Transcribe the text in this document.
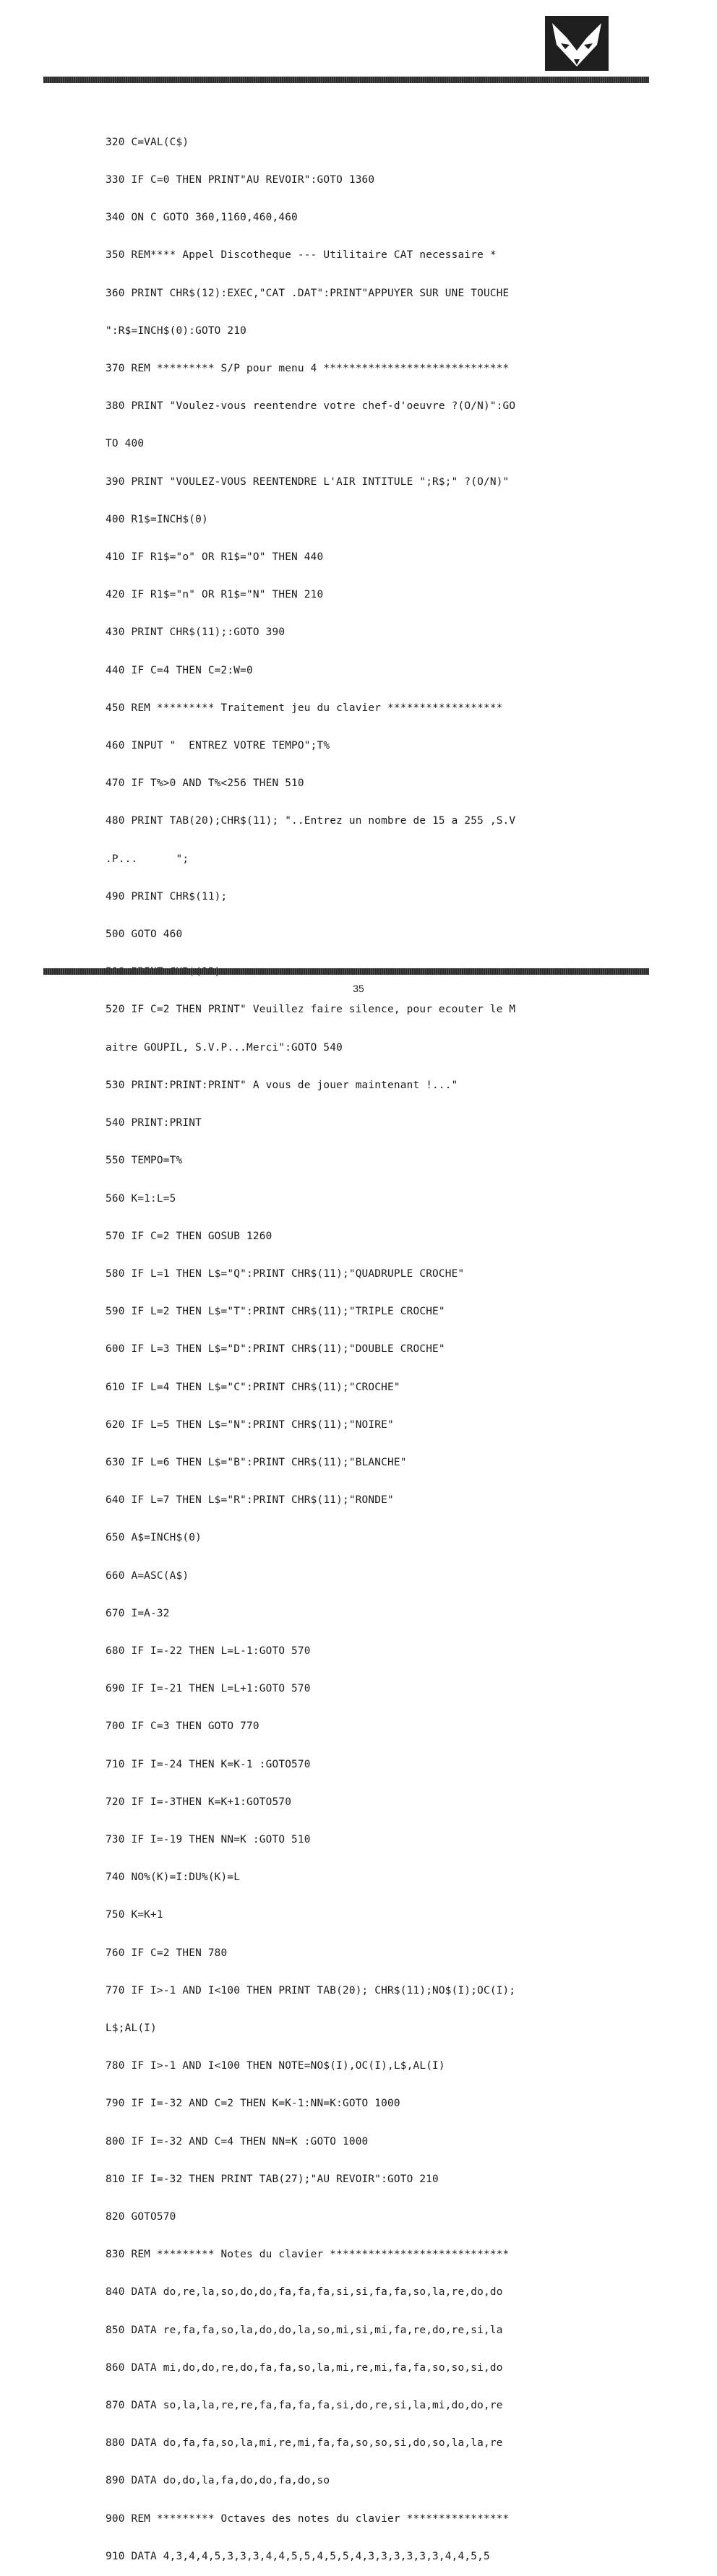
320 C=VAL(C$)

330 IF C=0 THEN PRINT"AU REVOIR":GOTO 1360

340 ON C GOTO 360,1160,460,460

350 REM**** Appel Discotheque --- Utilitaire CAT necessaire *

360 PRINT CHR$(12):EXEC,"CAT .DAT":PRINT"APPUYER SUR UNE TOUCHE

":R$=INCH$(0):GOTO 210

370 REM ********* S/P pour menu 4 *****************************

380 PRINT "Voulez-vous reentendre votre chef-d'oeuvre ?(O/N)":GO

TO 400

390 PRINT "VOULEZ-VOUS REENTENDRE L'AIR INTITULE ";R$;" ?(O/N)"

400 R1$=INCH$(0)

410 IF R1$="o" OR R1$="O" THEN 440

420 IF R1$="n" OR R1$="N" THEN 210

430 PRINT CHR$(11);:GOTO 390

440 IF C=4 THEN C=2:W=0

450 REM ********* Traitement jeu du clavier ******************

460 INPUT "  ENTREZ VOTRE TEMPO";T%

470 IF T%>0 AND T%<256 THEN 510

480 PRINT TAB(20);CHR$(11); "..Entrez un nombre de 15 a 255 ,S.V

.P...      ";

490 PRINT CHR$(11);

500 GOTO 460

520 IF C=2 THEN PRINT" Veuillez faire silence, pour ecouter le M

aitre GOUPIL, S.V.P...Merci":GOTO 540

530 PRINT:PRINT:PRINT" A vous de jouer maintenant !..."

540 PRINT:PRINT

550 TEMPO=T%

560 K=1:L=5

570 IF C=2 THEN GOSUB 1260

580 IF L=1 THEN L$="Q":PRINT CHR$(11);"QUADRUPLE CROCHE"

590 IF L=2 THEN L$="T":PRINT CHR$(11);"TRIPLE CROCHE"

600 IF L=3 THEN L$="D":PRINT CHR$(11);"DOUBLE CROCHE"

610 IF L=4 THEN L$="C":PRINT CHR$(11);"CROCHE"

620 IF L=5 THEN L$="N":PRINT CHR$(11);"NOIRE"

630 IF L=6 THEN L$="B":PRINT CHR$(11);"BLANCHE"

640 IF L=7 THEN L$="R":PRINT CHR$(11);"RONDE"

650 A$=INCH$(0)

660 A=ASC(A$)

670 I=A-32

680 IF I=-22 THEN L=L-1:GOTO 570

690 IF I=-21 THEN L=L+1:GOTO 570

700 IF C=3 THEN GOTO 770

710 IF I=-24 THEN K=K-1 :GOTO570

720 IF I=-3THEN K=K+1:GOTO570

730 IF I=-19 THEN NN=K :GOTO 510

740 NO%(K)=I:DU%(K)=L

750 K=K+1

760 IF C=2 THEN 780

770 IF I>-1 AND I<100 THEN PRINT TAB(20); CHR$(11);NO$(I);OC(I);

L$;AL(I)

780 IF I>-1 AND I<100 THEN NOTE=NO$(I),OC(I),L$,AL(I)

790 IF I=-32 AND C=2 THEN K=K-1:NN=K:GOTO 1000

800 IF I=-32 AND C=4 THEN NN=K :GOTO 1000

810 IF I=-32 THEN PRINT TAB(27);"AU REVOIR":GOTO 210

820 GOTO570

830 REM ********* Notes du clavier ****************************

840 DATA do,re,la,so,do,do,fa,fa,fa,si,si,fa,fa,so,la,re,do,do

850 DATA re,fa,fa,so,la,do,do,la,so,mi,si,mi,fa,re,do,re,si,la

860 DATA mi,do,do,re,do,fa,fa,so,la,mi,re,mi,fa,fa,so,so,si,do

870 DATA so,la,la,re,re,fa,fa,fa,fa,si,do,re,si,la,mi,do,do,re

880 DATA do,fa,fa,so,la,mi,re,mi,fa,fa,so,so,si,do,so,la,la,re

890 DATA do,do,la,fa,do,do,fa,do,so

900 REM ********* Octaves des notes du clavier ****************

910 DATA 4,3,4,4,5,3,3,3,4,4,5,5,4,5,5,4,3,3,3,3,3,3,4,4,5,5

35
